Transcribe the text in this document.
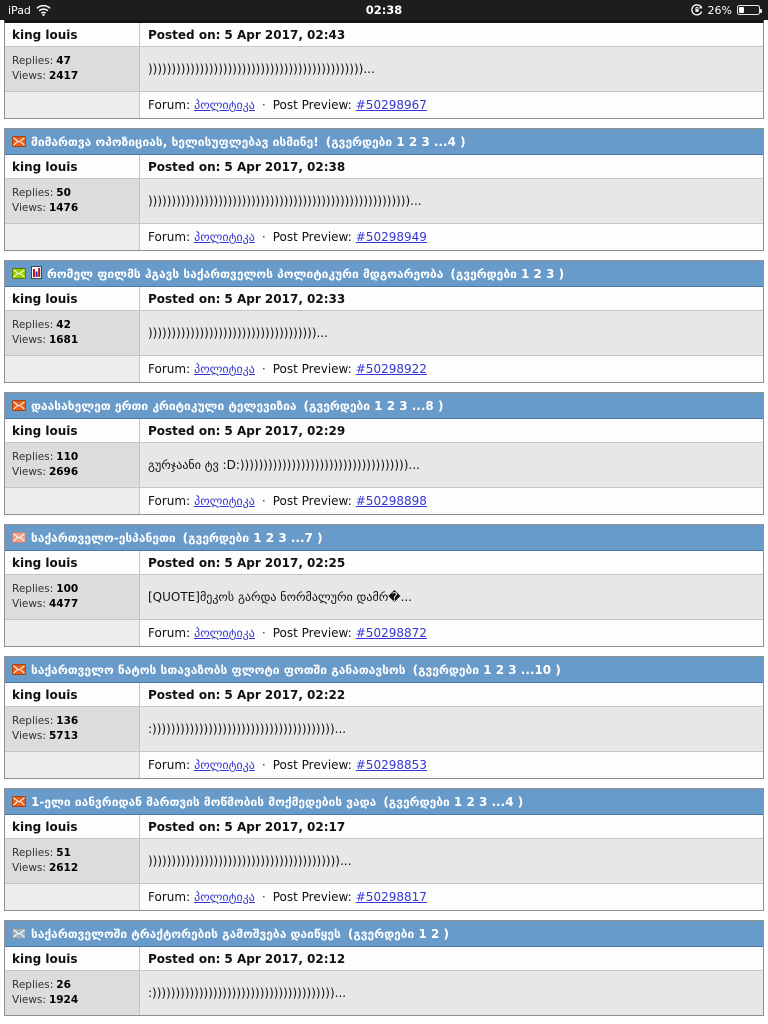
iPad	02:38	26%
king louis	Posted on: 5 Apr 2017, 02:43
Replies: 47
Views: 2417	))))))))))))))))))))))))))))))))))))))))))))))...
Forum: პოლიტიკა · Post Preview: #50298967
მიმართვა ოპოზიციას, ხელისუფლებავ ისმინე! (გვერდები 1 2 3 ...4 )
king louis	Posted on: 5 Apr 2017, 02:38
Replies: 50
Views: 1476	))))))))))))))))))))))))))))))))))))))))))))))))))))))))...
Forum: პოლიტიკა · Post Preview: #50298949
რომელ ფილმს ჰგავს საქართველოს პოლიტიკური მდგოარეობა (გვერდები 1 2 3 )
king louis	Posted on: 5 Apr 2017, 02:33
Replies: 42
Views: 1681	))))))))))))))))))))))))))))))))))))...
Forum: პოლიტიკა · Post Preview: #50298922
დაასახელეთ ერთი კრიტიკული ტელევიზია (გვერდები 1 2 3 ...8 )
king louis	Posted on: 5 Apr 2017, 02:29
Replies: 110
Views: 2696	გურჯაანი ტვ :D:))))))))))))))))))))))))))))))))))))...
Forum: პოლიტიკა · Post Preview: #50298898
საქართველო-ესპანეთი (გვერდები 1 2 3 ...7 )
king louis	Posted on: 5 Apr 2017, 02:25
Replies: 100
Views: 4477	[QUOTE]მეკოს გარდა ნორმალური დამრ�...
Forum: პოლიტიკა · Post Preview: #50298872
საქართველო ნატოს სთავაზობს ფლოტი ფოთში განათავსოს (გვერდები 1 2 3 ...10 )
king louis	Posted on: 5 Apr 2017, 02:22
Replies: 136
Views: 5713	:)))))))))))))))))))))))))))))))))))))))...
Forum: პოლიტიკა · Post Preview: #50298853
1-ელი იანვრიდან მართვის მოწმობის მოქმედების ვადა (გვერდები 1 2 3 ...4 )
king louis	Posted on: 5 Apr 2017, 02:17
Replies: 51
Views: 2612	)))))))))))))))))))))))))))))))))))))))))...
Forum: პოლიტიკა · Post Preview: #50298817
საქართველოში ტრაქტორების გამოშვება დაიწყეს (გვერდები 1 2 )
king louis	Posted on: 5 Apr 2017, 02:12
Replies: 26
Views: 1924	:)))))))))))))))))))))))))))))))))))))))...
